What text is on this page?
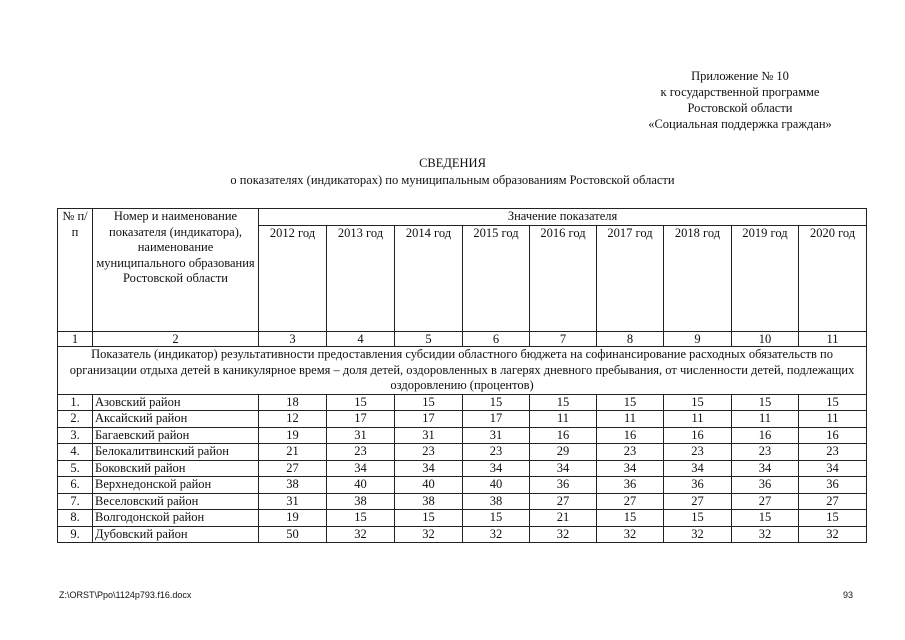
Приложение № 10
к государственной программе
Ростовской области
«Социальная поддержка граждан»
СВЕДЕНИЯ
о показателях (индикаторах) по муниципальным образованиям Ростовской области
№ п/п	Номер и наименование показателя (индикатора), наименование муниципального образования Ростовской области	Значение показателя								
		2012 год	2013 год	2014 год	2015 год	2016 год	2017 год	2018 год	2019 год	2020 год
1	2	3	4	5	6	7	8	9	10	11
Показатель (индикатор) результативности предоставления субсидии областного бюджета на софинансирование расходных обязательств по организации отдыха детей в каникулярное время – доля детей, оздоровленных в лагерях дневного пребывания, от численности детей, подлежащих оздоровлению (процентов)										
1.	Азовский район	18	15	15	15	15	15	15	15	15
2.	Аксайский район	12	17	17	17	11	11	11	11	11
3.	Багаевский район	19	31	31	31	16	16	16	16	16
4.	Белокалитвинский район	21	23	23	23	29	23	23	23	23
5.	Боковский район	27	34	34	34	34	34	34	34	34
6.	Верхнедонской район	38	40	40	40	36	36	36	36	36
7.	Веселовский район	31	38	38	38	27	27	27	27	27
8.	Волгодонской район	19	15	15	15	21	15	15	15	15
9.	Дубовский район	50	32	32	32	32	32	32	32	32
Z:\ORST\Ppo\1124p793.f16.docx	93
